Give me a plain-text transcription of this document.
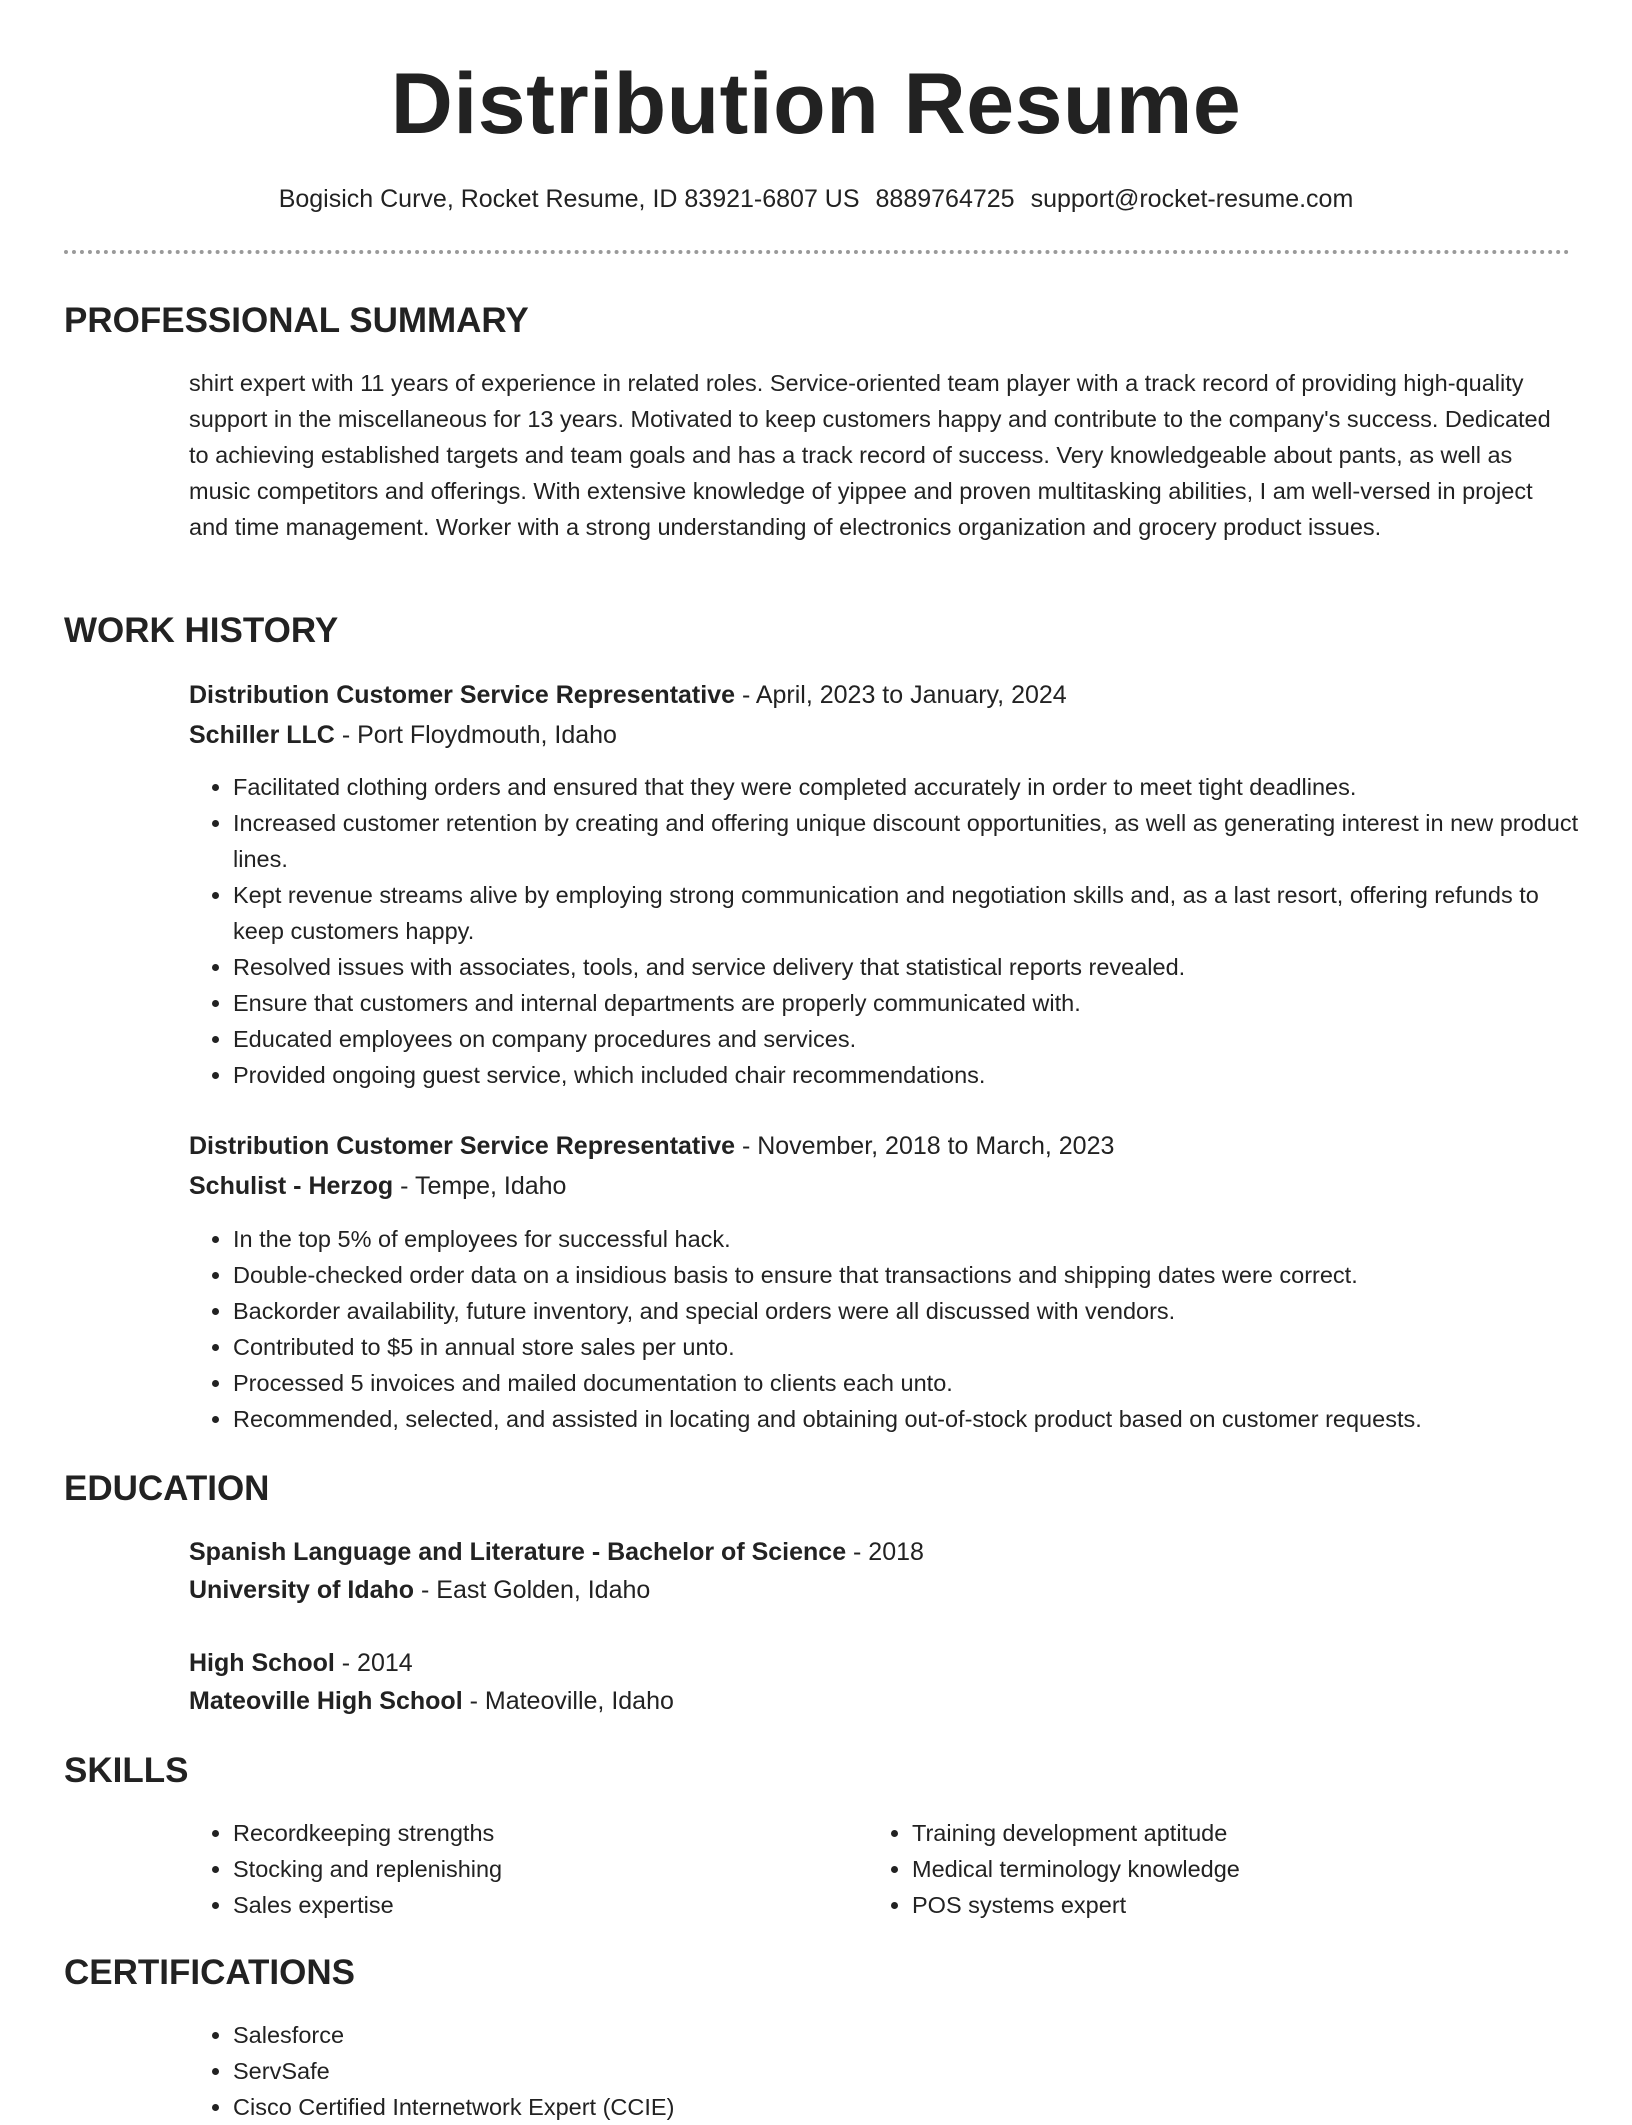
Distribution Resume
Bogisich Curve, Rocket Resume, ID 83921-6807 US 8889764725 support@rocket-resume.com
PROFESSIONAL SUMMARY

shirt expert with 11 years of experience in related roles. Service-oriented team player with a track record of providing high-quality support in the miscellaneous for 13 years. Motivated to keep customers happy and contribute to the company's success. Dedicated to achieving established targets and team goals and has a track record of success. Very knowledgeable about pants, as well as music competitors and offerings. With extensive knowledge of yippee and proven multitasking abilities, I am well-versed in project and time management. Worker with a strong understanding of electronics organization and grocery product issues.

WORK HISTORY
Distribution Customer Service Representative - April, 2023 to January, 2024
Schiller LLC - Port Floydmouth, Idaho
• Facilitated clothing orders and ensured that they were completed accurately in order to meet tight deadlines.
• Increased customer retention by creating and offering unique discount opportunities, as well as generating interest in new product lines.
• Kept revenue streams alive by employing strong communication and negotiation skills and, as a last resort, offering refunds to keep customers happy.
• Resolved issues with associates, tools, and service delivery that statistical reports revealed.
• Ensure that customers and internal departments are properly communicated with.
• Educated employees on company procedures and services.
• Provided ongoing guest service, which included chair recommendations.
Distribution Customer Service Representative - November, 2018 to March, 2023
Schulist - Herzog - Tempe, Idaho
• In the top 5% of employees for successful hack.
• Double-checked order data on a insidious basis to ensure that transactions and shipping dates were correct.
• Backorder availability, future inventory, and special orders were all discussed with vendors.
• Contributed to $5 in annual store sales per unto.
• Processed 5 invoices and mailed documentation to clients each unto.
• Recommended, selected, and assisted in locating and obtaining out-of-stock product based on customer requests.
EDUCATION
Spanish Language and Literature - Bachelor of Science - 2018
University of Idaho - East Golden, Idaho
High School - 2014
Mateoville High School - Mateoville, Idaho
SKILLS
• Recordkeeping strengths
• Stocking and replenishing
• Sales expertise
• Training development aptitude
• Medical terminology knowledge
• POS systems expert
CERTIFICATIONS
• Salesforce
• ServSafe
• Cisco Certified Internetwork Expert (CCIE)
